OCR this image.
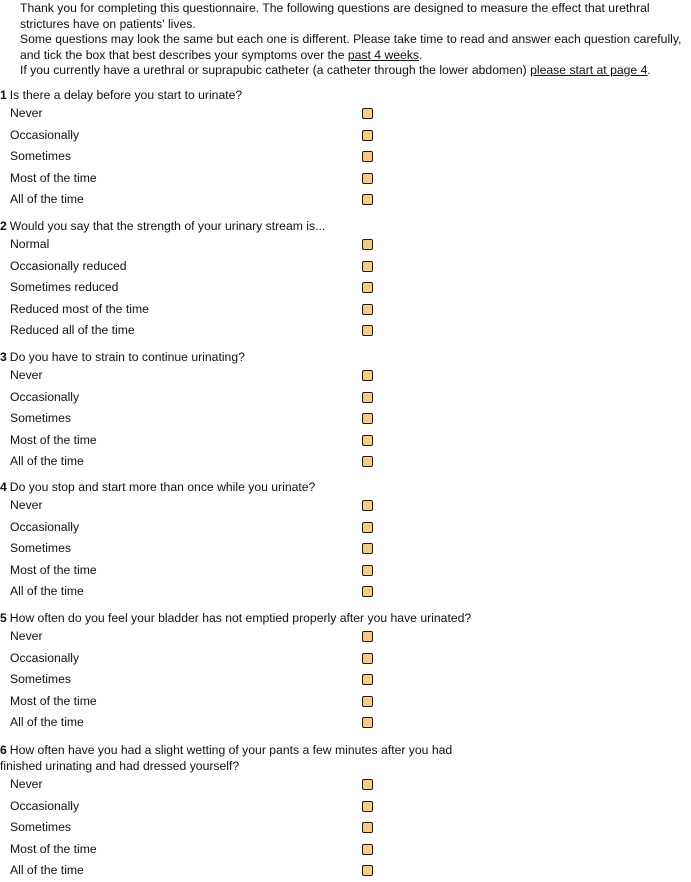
Thank you for completing this questionnaire. The following questions are designed to measure the effect that urethral strictures have on patients' lives.

Some questions may look the same but each one is different. Please take time to read and answer each question carefully, and tick the box that best describes your symptoms over the past 4 weeks.

If you currently have a urethral or suprapubic catheter (a catheter through the lower abdomen) please start at page 4.

1 Is there a delay before you start to urinate?
Never
Occasionally
Sometimes
Most of the time
All of the time
2 Would you say that the strength of your urinary stream is...
Normal
Occasionally reduced
Sometimes reduced
Reduced most of the time
Reduced all of the time
3 Do you have to strain to continue urinating?
Never
Occasionally
Sometimes
Most of the time
All of the time
4 Do you stop and start more than once while you urinate?
Never
Occasionally
Sometimes
Most of the time
All of the time
5 How often do you feel your bladder has not emptied properly after you have urinated?
Never
Occasionally
Sometimes
Most of the time
All of the time
6 How often have you had a slight wetting of your pants a few minutes after you had finished urinating and had dressed yourself?
Never
Occasionally
Sometimes
Most of the time
All of the time
